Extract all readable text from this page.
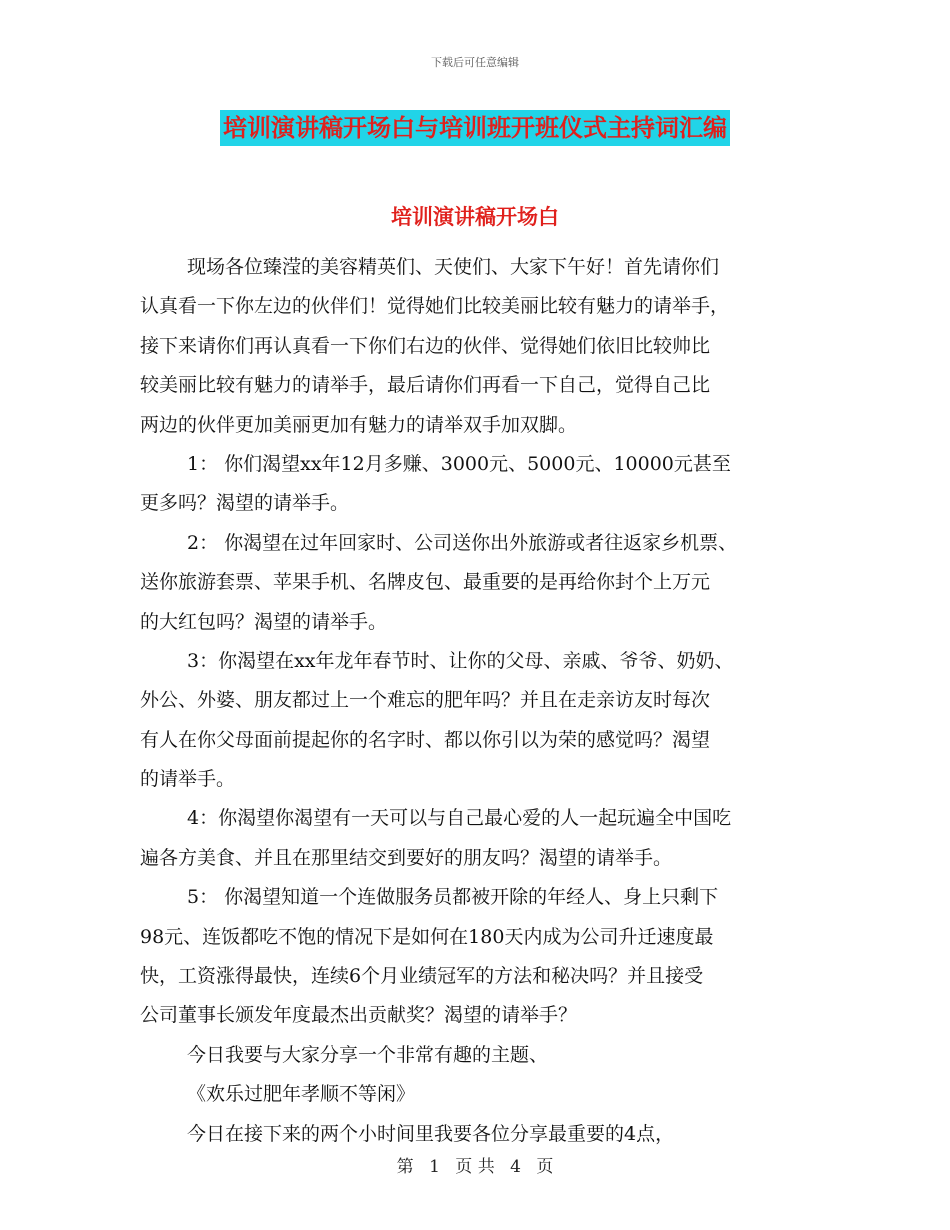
下载后可任意编辑
培训演讲稿开场白与培训班开班仪式主持词汇编
培训演讲稿开场白

现场各位臻滢的美容精英们、天使们、大家下午好！首先请你们
认真看一下你左边的伙伴们！觉得她们比较美丽比较有魅力的请举手，
接下来请你们再认真看一下你们右边的伙伴、觉得她们依旧比较帅比
较美丽比较有魅力的请举手，最后请你们再看一下自己，觉得自己比
两边的伙伴更加美丽更加有魅力的请举双手加双脚。
1： 你们渴望xx年12月多赚、3000元、5000元、10000元甚至
更多吗？渴望的请举手。
2： 你渴望在过年回家时、公司送你出外旅游或者往返家乡机票、
送你旅游套票、苹果手机、名牌皮包、最重要的是再给你封个上万元
的大红包吗？渴望的请举手。
3：你渴望在xx年龙年春节时、让你的父母、亲戚、爷爷、奶奶、
外公、外婆、朋友都过上一个难忘的肥年吗？并且在走亲访友时每次
有人在你父母面前提起你的名字时、都以你引以为荣的感觉吗？渴望
的请举手。
4：你渴望你渴望有一天可以与自己最心爱的人一起玩遍全中国吃
遍各方美食、并且在那里结交到要好的朋友吗？渴望的请举手。
5： 你渴望知道一个连做服务员都被开除的年经人、身上只剩下
98元、连饭都吃不饱的情况下是如何在180天内成为公司升迁速度最
快，工资涨得最快，连续6个月业绩冠军的方法和秘决吗？并且接受
公司董事长颁发年度最杰出贡献奖？渴望的请举手？
今日我要与大家分享一个非常有趣的主题、
《欢乐过肥年孝顺不等闲》
今日在接下来的两个小时间里我要各位分享最重要的4点，

第 1 页 共 4 页
